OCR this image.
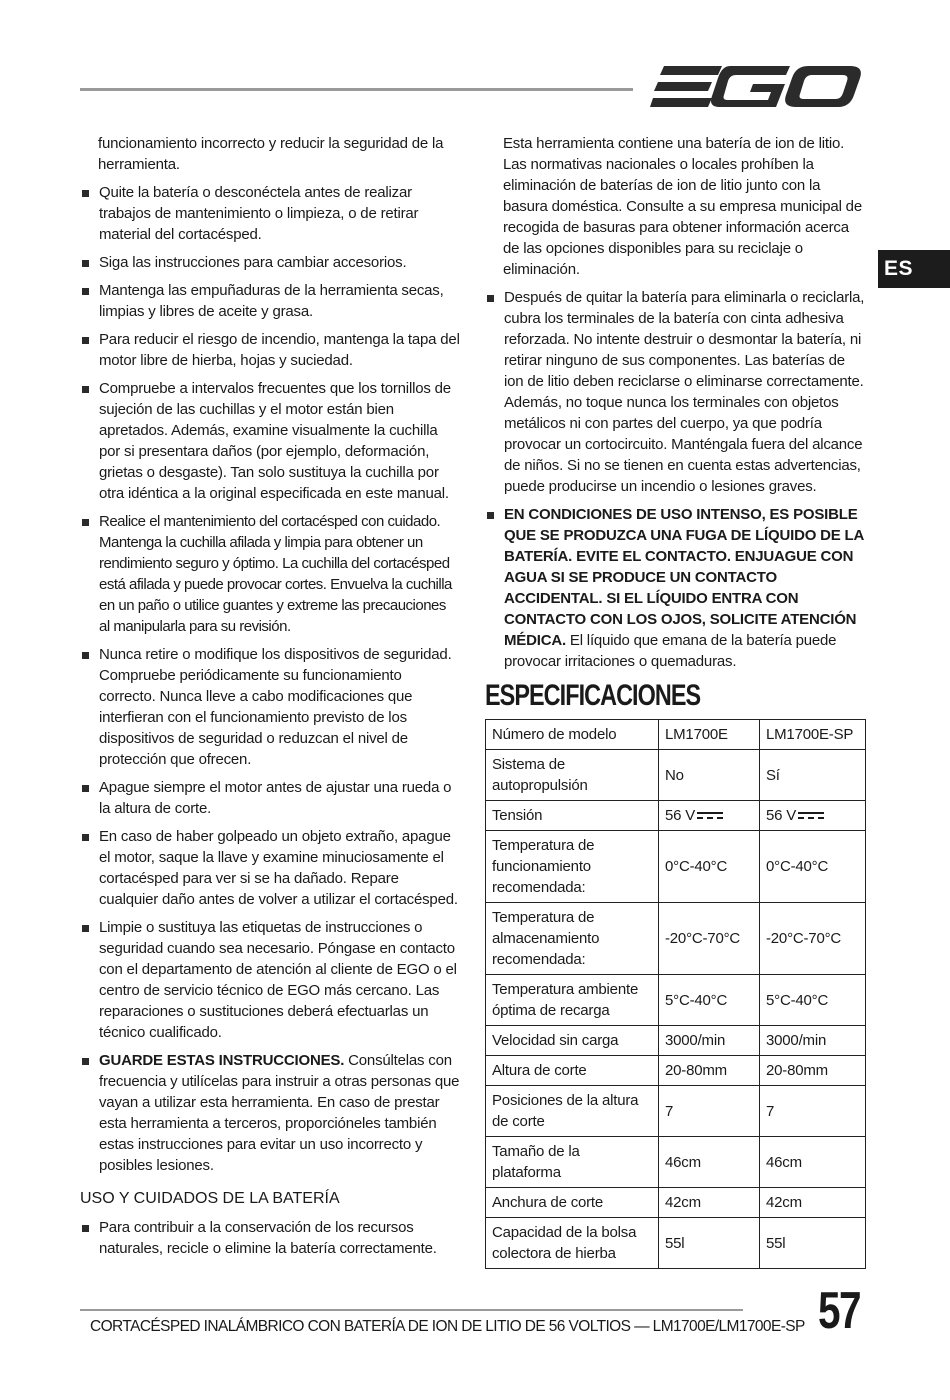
ES

funcionamiento incorrecto y reducir la seguridad de la herramienta.

Quite la batería o desconéctela antes de realizar trabajos de mantenimiento o limpieza, o de retirar material del cortacésped.
Siga las instrucciones para cambiar accesorios.
Mantenga las empuñaduras de la herramienta secas, limpias y libres de aceite y grasa.
Para reducir el riesgo de incendio, mantenga la tapa del motor libre de hierba, hojas y suciedad.
Compruebe a intervalos frecuentes que los tornillos de sujeción de las cuchillas y el motor están bien apretados. Además, examine visualmente la cuchilla por si presentara daños (por ejemplo, deformación, grietas o desgaste). Tan solo sustituya la cuchilla por otra idéntica a la original especificada en este manual.
Realice el mantenimiento del cortacésped con cuidado. Mantenga la cuchilla afilada y limpia para obtener un rendimiento seguro y óptimo. La cuchilla del cortacésped está afilada y puede provocar cortes. Envuelva la cuchilla en un paño o utilice guantes y extreme las precauciones al manipularla para su revisión.
Nunca retire o modifique los dispositivos de seguridad. Compruebe periódicamente su funcionamiento correcto. Nunca lleve a cabo modificaciones que interfieran con el funcionamiento previsto de los dispositivos de seguridad o reduzcan el nivel de protección que ofrecen.
Apague siempre el motor antes de ajustar una rueda o la altura de corte.
En caso de haber golpeado un objeto extraño, apague el motor, saque la llave y examine minuciosamente el cortacésped para ver si se ha dañado. Repare cualquier daño antes de volver a utilizar el cortacésped.
Limpie o sustituya las etiquetas de instrucciones o seguridad cuando sea necesario. Póngase en contacto con el departamento de atención al cliente de EGO o el centro de servicio técnico de EGO más cercano. Las reparaciones o sustituciones deberá efectuarlas un técnico cualificado.
GUARDE ESTAS INSTRUCCIONES. Consúltelas con frecuencia y utilícelas para instruir a otras personas que vayan a utilizar esta herramienta. En caso de prestar esta herramienta a terceros, proporcióneles también estas instrucciones para evitar un uso incorrecto y posibles lesiones.
USO Y CUIDADOS DE LA BATERÍA
Para contribuir a la conservación de los recursos naturales, recicle o elimine la batería correctamente.

Esta herramienta contiene una batería de ion de litio. Las normativas nacionales o locales prohíben la eliminación de baterías de ion de litio junto con la basura doméstica. Consulte a su empresa municipal de recogida de basuras para obtener información acerca de las opciones disponibles para su reciclaje o eliminación.

Después de quitar la batería para eliminarla o reciclarla, cubra los terminales de la batería con cinta adhesiva reforzada. No intente destruir o desmontar la batería, ni retirar ninguno de sus componentes. Las baterías de ion de litio deben reciclarse o eliminarse correctamente. Además, no toque nunca los terminales con objetos metálicos ni con partes del cuerpo, ya que podría provocar un cortocircuito. Manténgala fuera del alcance de niños. Si no se tienen en cuenta estas advertencias, puede producirse un incendio o lesiones graves.
EN CONDICIONES DE USO INTENSO, ES POSIBLE QUE SE PRODUZCA UNA FUGA DE LÍQUIDO DE LA BATERÍA. EVITE EL CONTACTO. ENJUAGUE CON AGUA SI SE PRODUCE UN CONTACTO ACCIDENTAL. SI EL LÍQUIDO ENTRA CON CONTACTO CON LOS OJOS, SOLICITE ATENCIÓN MÉDICA. El líquido que emana de la batería puede provocar irritaciones o quemaduras.
ESPECIFICACIONES
Número de modelo	LM1700E	LM1700E-SP
Sistema de autopropulsión	No	Sí
Tensión	56 V	56 V
Temperatura de funcionamiento recomendada:	0°C-40°C	0°C-40°C
Temperatura de almacenamiento recomendada:	-20°C-70°C	-20°C-70°C
Temperatura ambiente óptima de recarga	5°C-40°C	5°C-40°C
Velocidad sin carga	3000/min	3000/min
Altura de corte	20-80mm	20-80mm
Posiciones de la altura de corte	7	7
Tamaño de la plataforma	46cm	46cm
Anchura de corte	42cm	42cm
Capacidad de la bolsa colectora de hierba	55l	55l
CORTACÉSPED INALÁMBRICO CON BATERÍA DE ION DE LITIO DE 56 VOLTIOS — LM1700E/LM1700E-SP 57
